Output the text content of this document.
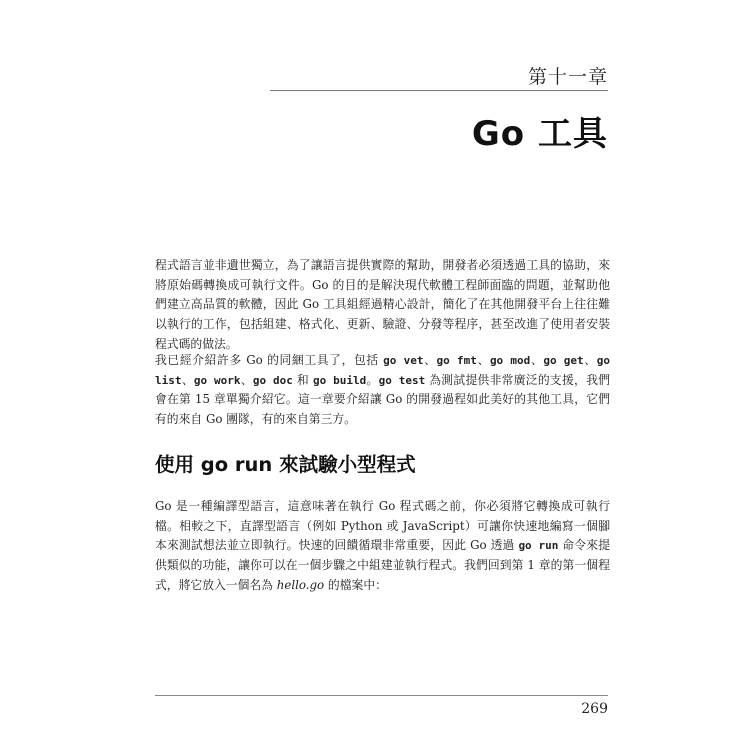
第十一章
Go 工具

程式語言並非遺世獨立，為了讓語言提供實際的幫助，開發者必須透過工具的協助，來將原始碼轉換成可執行文件。Go 的目的是解決現代軟體工程師面臨的問題，並幫助他們建立高品質的軟體，因此 Go 工具組經過精心設計，簡化了在其他開發平台上往往難以執行的工作，包括組建、格式化、更新、驗證、分發等程序，甚至改進了使用者安裝程式碼的做法。

我已經介紹許多 Go 的同綑工具了，包括 go vet、go fmt、go mod、go get、go list、go work、go doc 和 go build。go test 為測試提供非常廣泛的支援，我們會在第 15 章單獨介紹它。這一章要介紹讓 Go 的開發過程如此美好的其他工具，它們有的來自 Go 團隊，有的來自第三方。

使用 go run 來試驗小型程式

Go 是一種編譯型語言，這意味著在執行 Go 程式碼之前，你必須將它轉換成可執行檔。相較之下，直譯型語言（例如 Python 或 JavaScript）可讓你快速地編寫一個腳本來測試想法並立即執行。快速的回饋循環非常重要，因此 Go 透過 go run 命令來提供類似的功能，讓你可以在一個步驟之中組建並執行程式。我們回到第 1 章的第一個程式，將它放入一個名為 hello.go 的檔案中：

269
